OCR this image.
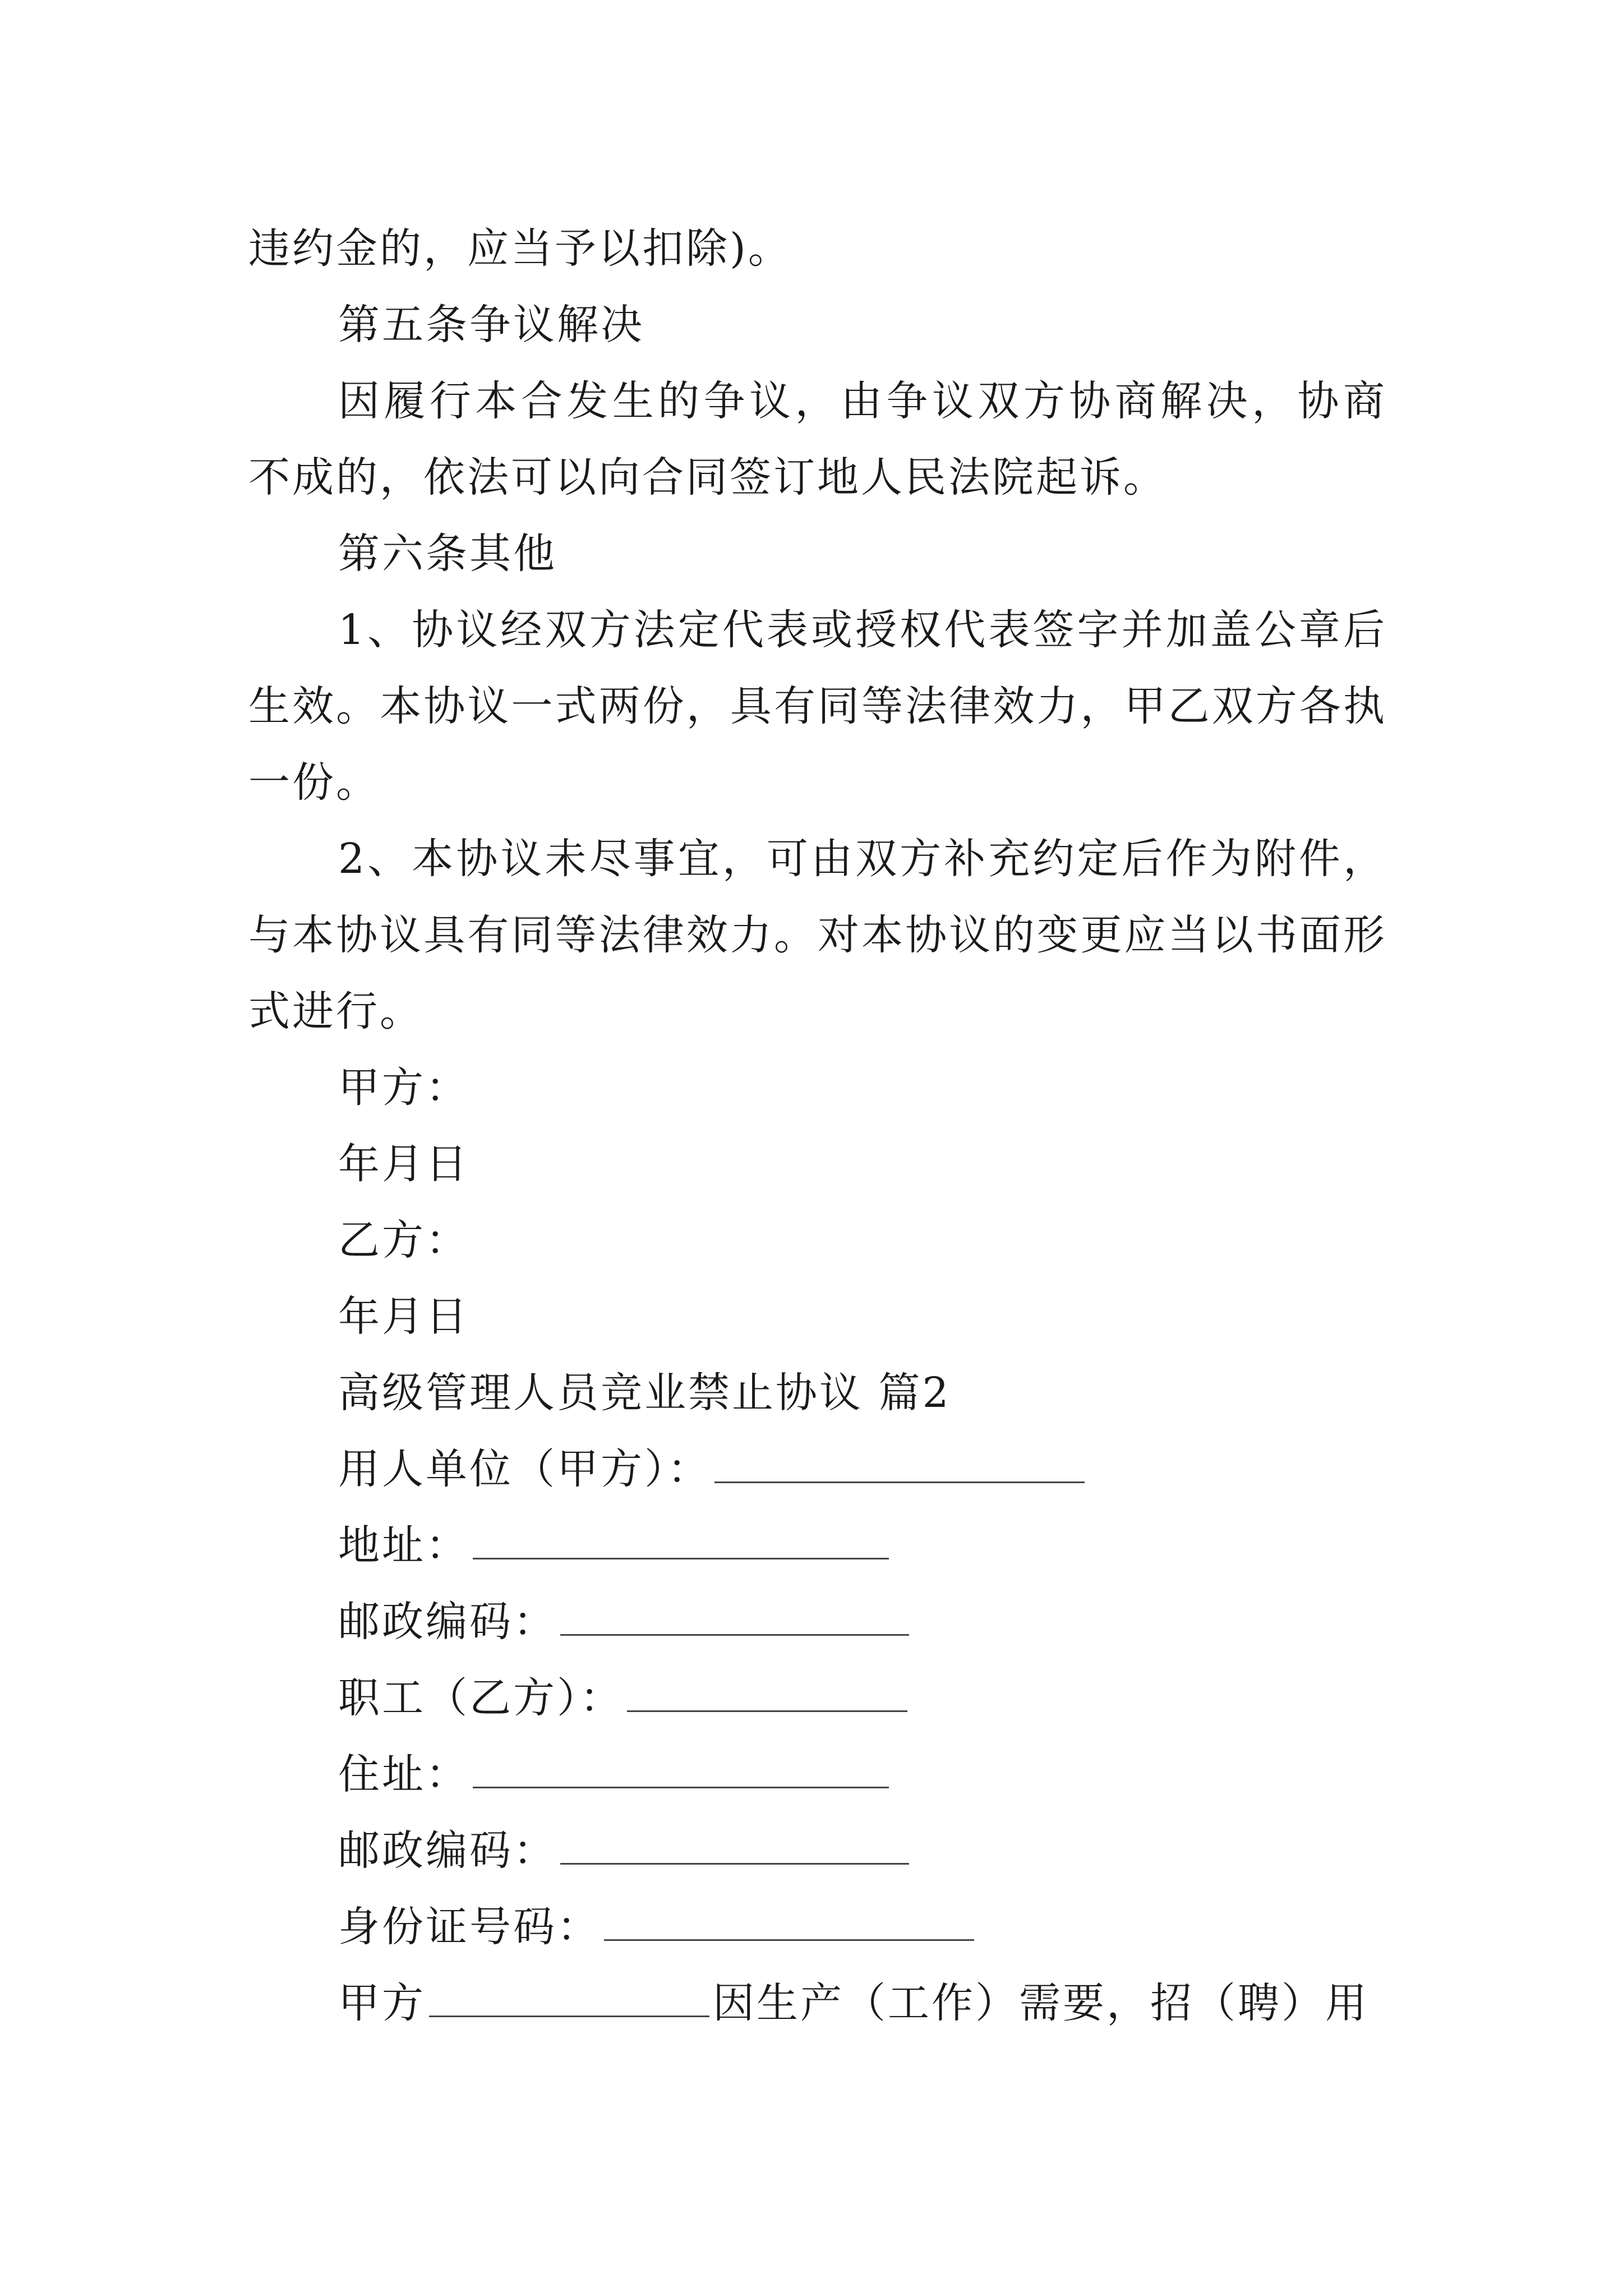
违约金的，应当予以扣除)。

第五条争议解决

因履行本合发生的争议，由争议双方协商解决，协商不成的，依法可以向合同签订地人民法院起诉。

第六条其他

1、协议经双方法定代表或授权代表签字并加盖公章后生效。本协议一式两份，具有同等法律效力，甲乙双方各执一份。

2、本协议未尽事宜，可由双方补充约定后作为附件，与本协议具有同等法律效力。对本协议的变更应当以书面形式进行。

甲方：

年月日

乙方：

年月日

高级管理人员竞业禁止协议 篇2

用人单位（甲方）：

地址：

邮政编码：

职工（乙方）：

住址：

邮政编码：

身份证号码：

甲方	因生产（工作）需要，招（聘）用
